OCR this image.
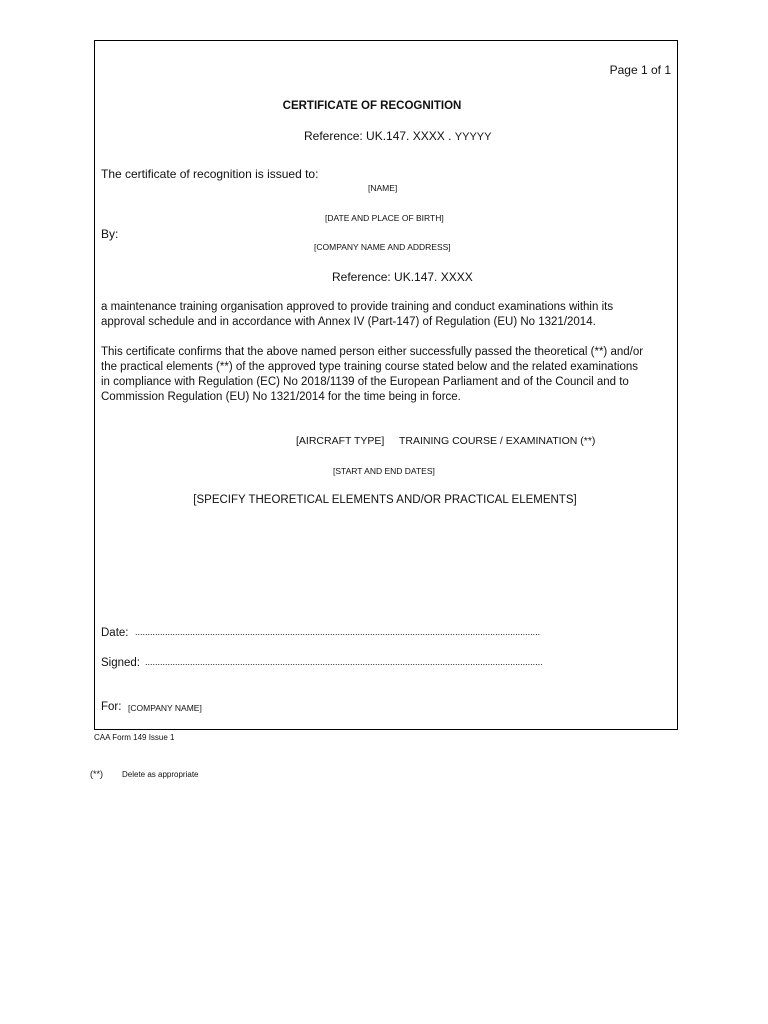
Page 1 of 1
CERTIFICATE OF RECOGNITION
Reference: UK.147. XXXX . YYYYY
The certificate of recognition is issued to:
[NAME]
[DATE AND PLACE OF BIRTH]
By:
[COMPANY NAME AND ADDRESS]
Reference: UK.147. XXXX
a maintenance training organisation approved to provide training and conduct examinations within its
approval schedule and in accordance with Annex IV (Part-147) of Regulation (EU) No 1321/2014.
This certificate confirms that the above named person either successfully passed the theoretical (**) and/or
the practical elements (**) of the approved type training course stated below and the related examinations
in compliance with Regulation (EC) No 2018/1139 of the European Parliament and of the Council and to
Commission Regulation (EU) No 1321/2014 for the time being in force.
[AIRCRAFT TYPE] TRAINING COURSE / EXAMINATION (**)
[START AND END DATES]
[SPECIFY THEORETICAL ELEMENTS AND/OR PRACTICAL ELEMENTS]
Date: ..................................................................................................................................................................
Signed: ...............................................................................................................................................................
For: [COMPANY NAME]
CAA Form 149 Issue 1
(**) Delete as appropriate
